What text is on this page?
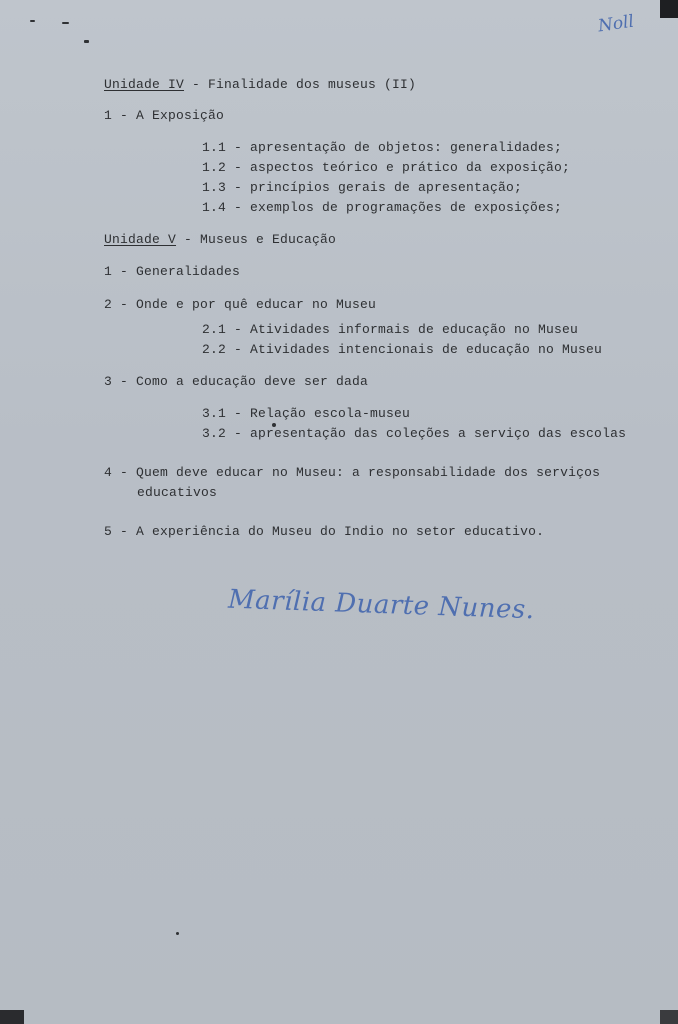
Noll
Unidade IV - Finalidade dos museus (II)
1 - A Exposição
1.1 - apresentação de objetos: generalidades;
1.2 - aspectos teórico e prático da exposição;
1.3 - princípios gerais de apresentação;
1.4 - exemplos de programações de exposições;
Unidade V - Museus e Educação
1 - Generalidades
2 - Onde e por quê educar no Museu
2.1 - Atividades informais de educação no Museu
2.2 - Atividades intencionais de educação no Museu
3 - Como a educação deve ser dada
3.1 - Relação escola-museu
3.2 - apresentação das coleções a serviço das escolas
4 - Quem deve educar no Museu: a responsabilidade dos serviços
educativos
5 - A experiência do Museu do Indio no setor educativo.
Marília Duarte Nunes.
